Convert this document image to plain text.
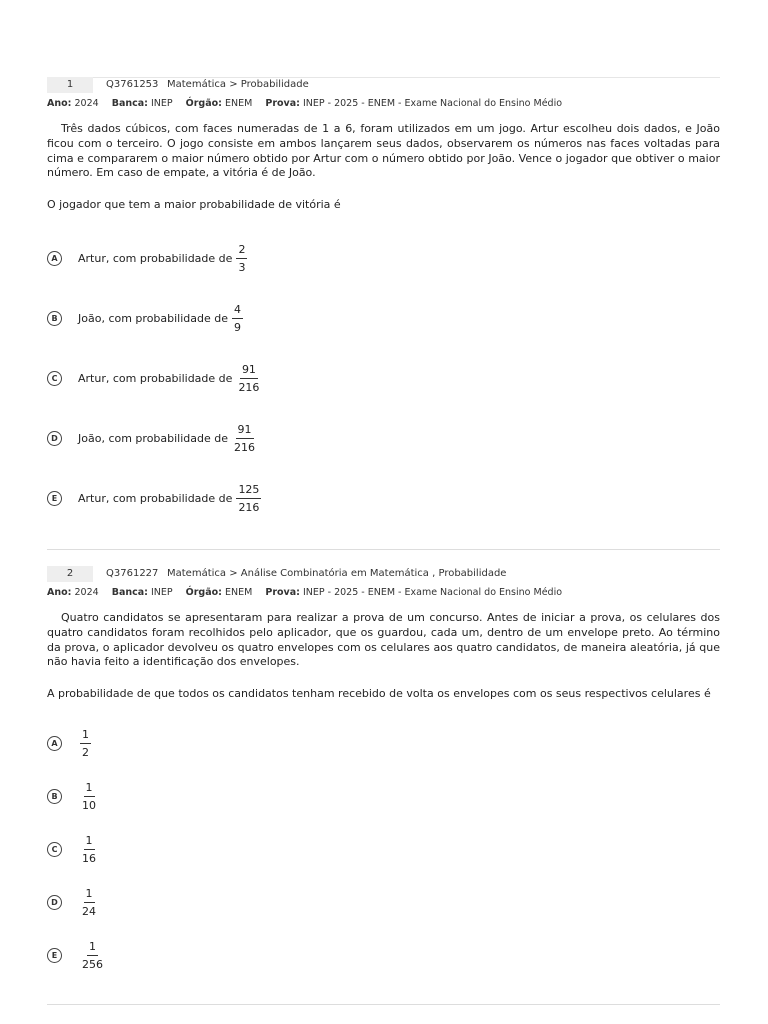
1	Q3761253 Matemática > Probabilidade
Ano: 2024 Banca: INEP Órgão: ENEM Prova: INEP - 2025 - ENEM - Exame Nacional do Ensino Médio
Três dados cúbicos, com faces numeradas de 1 a 6, foram utilizados em um jogo. Artur escolheu dois dados, e João ficou com o terceiro. O jogo consiste em ambos lançarem seus dados, observarem os números nas faces voltadas para cima e compararem o maior número obtido por Artur com o número obtido por João. Vence o jogador que obtiver o maior número. Em caso de empate, a vitória é de João.
O jogador que tem a maior probabilidade de vitória é
A	Artur, com probabilidade de $\frac{2}{3}$
B	João, com probabilidade de $\frac{4}{9}$
C	Artur, com probabilidade de $\frac{91}{216}$
D	João, com probabilidade de $\frac{91}{216}$
E	Artur, com probabilidade de $\frac{125}{216}$
2	Q3761227 Matemática > Análise Combinatória em Matemática , Probabilidade
Ano: 2024 Banca: INEP Órgão: ENEM Prova: INEP - 2025 - ENEM - Exame Nacional do Ensino Médio
Quatro candidatos se apresentaram para realizar a prova de um concurso. Antes de iniciar a prova, os celulares dos quatro candidatos foram recolhidos pelo aplicador, que os guardou, cada um, dentro de um envelope preto. Ao término da prova, o aplicador devolveu os quatro envelopes com os celulares aos quatro candidatos, de maneira aleatória, já que não havia feito a identificação dos envelopes.
A probabilidade de que todos os candidatos tenham recebido de volta os envelopes com os seus respectivos celulares é
A	$\frac{1}{2}$
B	$\frac{1}{10}$
C	$\frac{1}{16}$
D	$\frac{1}{24}$
E	$\frac{1}{256}$
